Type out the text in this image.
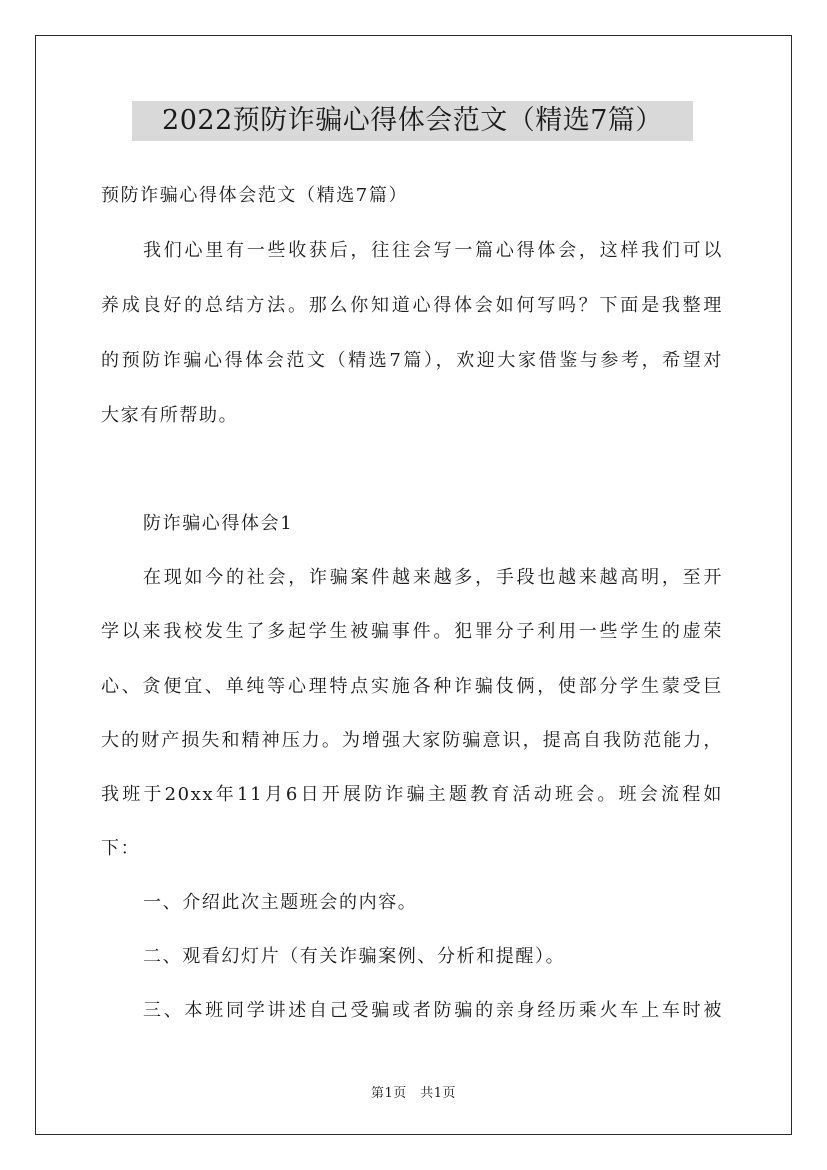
2022预防诈骗心得体会范文（精选7篇）
预防诈骗心得体会范文（精选7篇）
我们心里有一些收获后，往往会写一篇心得体会，这样我们可以
养成良好的总结方法。那么你知道心得体会如何写吗？下面是我整理
的预防诈骗心得体会范文（精选7篇），欢迎大家借鉴与参考，希望对
大家有所帮助。
防诈骗心得体会1
在现如今的社会，诈骗案件越来越多，手段也越来越高明，至开
学以来我校发生了多起学生被骗事件。犯罪分子利用一些学生的虚荣
心、贪便宜、单纯等心理特点实施各种诈骗伎俩，使部分学生蒙受巨
大的财产损失和精神压力。为增强大家防骗意识，提高自我防范能力，
我班于20xx年11月6日开展防诈骗主题教育活动班会。班会流程如
下：
一、介绍此次主题班会的内容。
二、观看幻灯片（有关诈骗案例、分析和提醒）。
三、本班同学讲述自己受骗或者防骗的亲身经历乘火车上车时被
第1页　共1页
